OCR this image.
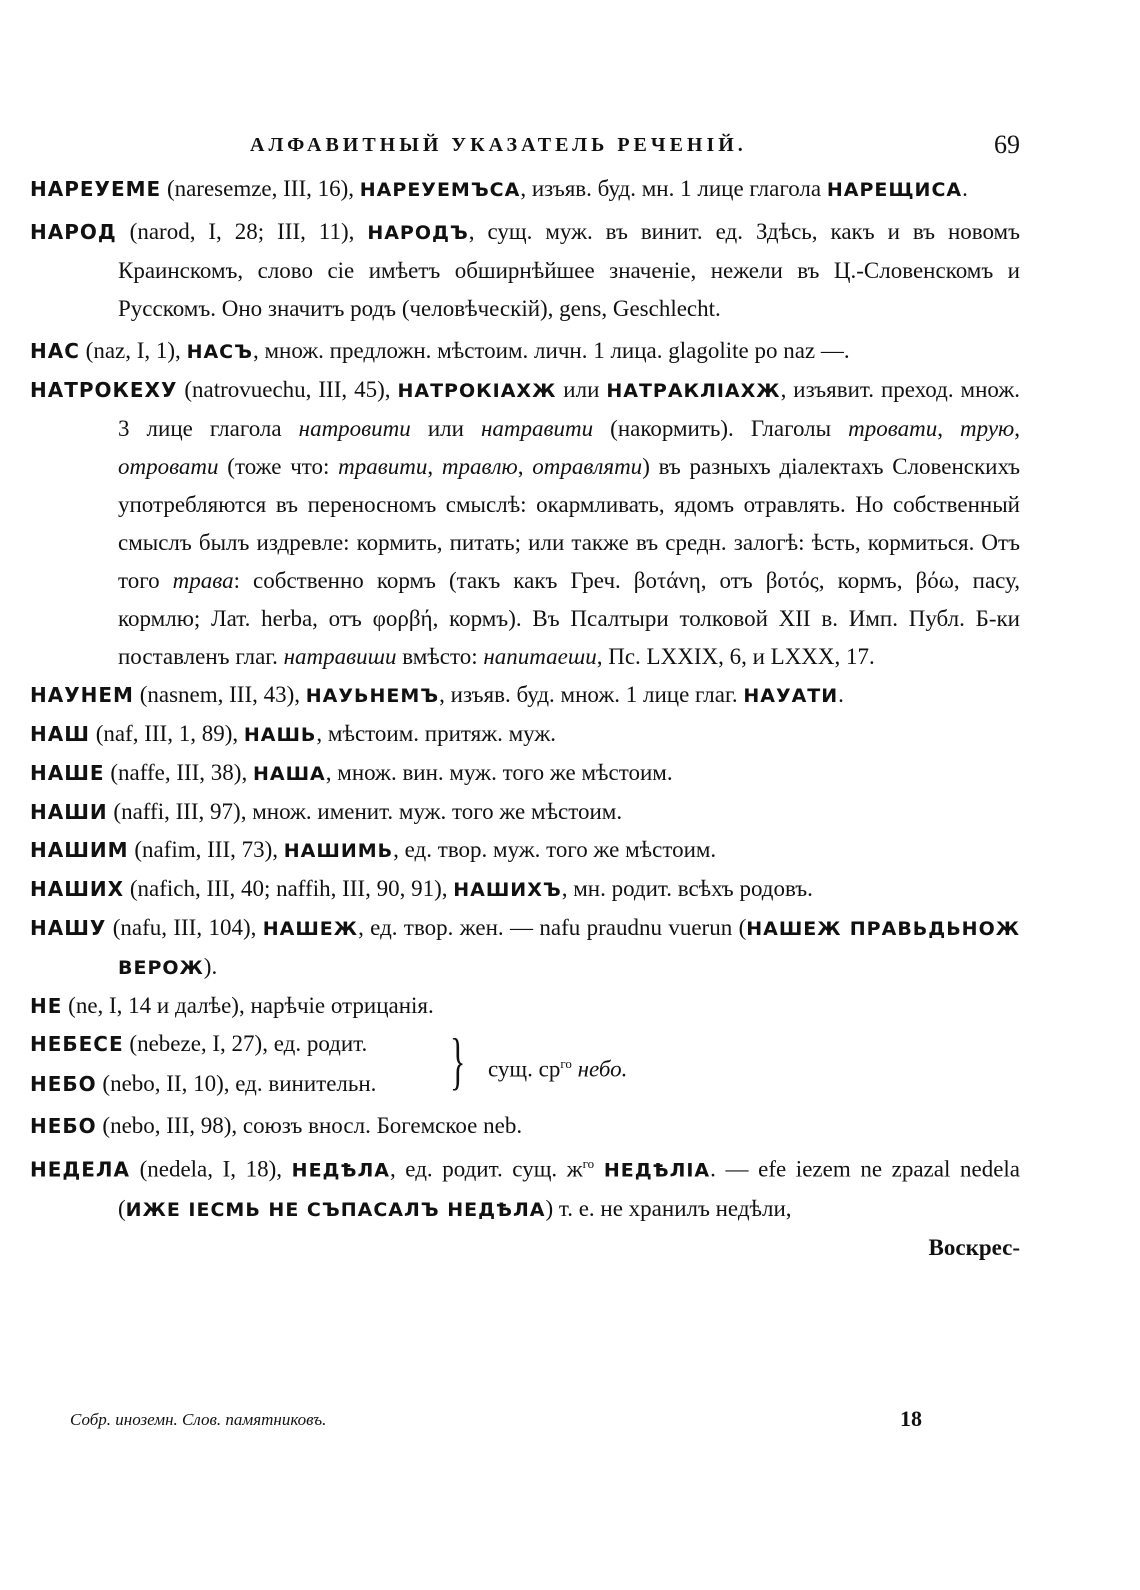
АЛФАВИТНЫЙ УКАЗАТЕЛЬ РЕЧЕНІЙ.	69

НАРЕУЕМЕ (naresemze, III, 16), НАРЕУЕМЪСА, изъяв. буд. мн. 1 лице глагола НАРЕЩИСА.

НАРОД (narod, I, 28; III, 11), НАРОДЪ, сущ. муж. въ винит. ед. Здѣсь, какъ и въ новомъ Краинскомъ, слово сіе имѣетъ обширнѣйшее значеніе, нежели въ Ц.-Словенскомъ и Русскомъ. Оно значитъ родъ (человѣческій), gens, Geschlecht.

НАС (naz, I, 1), НАСЪ, множ. предложн. мѣстоим. личн. 1 лица. glagolite po naz —.

НАТРОКЕХУ (natrovuechu, III, 45), НАТРОКІАХЖ или НАТРАКЛІАХЖ, изъявит. преход. множ. 3 лице глагола натровити или натравити (накормить). Глаголы тровати, трую, отровати (тоже что: травити, травлю, отравляти) въ разныхъ діалектахъ Словенскихъ употребляются въ переносномъ смыслѣ: окармливать, ядомъ отравлять. Но собственный смыслъ былъ издревле: кормить, питать; или также въ средн. залогѣ: ѣсть, кормиться. Отъ того трава: собственно кормъ (такъ какъ Греч. βοτάνη, отъ βοτός, кормъ, βόω, пасу, кормлю; Лат. herba, отъ φορβή, кормъ). Въ Псалтыри толковой XII в. Имп. Публ. Б-ки поставленъ глаг. натравиши вмѣсто: напитаеши, Пс. LXXIX, 6, и LXXX, 17.

НАУНЕМ (nasnem, III, 43), НАУЬНЕМЪ, изъяв. буд. множ. 1 лице глаг. НАУАТИ.

НАШ (naf, III, 1, 89), НАШЬ, мѣстоим. притяж. муж.

НАШЕ (naffe, III, 38), НАША, множ. вин. муж. того же мѣстоим.

НАШИ (naffi, III, 97), множ. именит. муж. того же мѣстоим.

НАШИМ (nafim, III, 73), НАШИМЬ, ед. твор. муж. того же мѣстоим.

НАШИХ (nafich, III, 40; naffih, III, 90, 91), НАШИХЪ, мн. родит. всѣхъ родовъ.

НАШУ (nafu, III, 104), НАШЕЖ, ед. твор. жен. — nafu praudnu vuerun (НАШЕЖ ПРАВЬДЬНОЖ ВЕРОЖ).

НЕ (ne, I, 14 и далѣе), нарѣчіе отрицанія.

НЕБЕСЕ (nebeze, I, 27), ед. родит.
НЕБО (nebo, II, 10), ед. винительн. } сущ. $ср^{го}$ небо.

НЕБО (nebo, III, 98), союзъ вносл. Богемское neb.

НЕДЕЛА (nedela, I, 18), НЕДѢЛА, ед. родит. сущ. $ж^{го}$ НЕДѢЛІА. — efe iezem ne zpazal nedela (ИЖЕ ІЕСМЬ НЕ СЪПАСАЛЪ НЕДѢЛА) т. е. не хранилъ недѣли,

Воскрес-
Собр. иноземн. Слов. памятниковъ.	18
